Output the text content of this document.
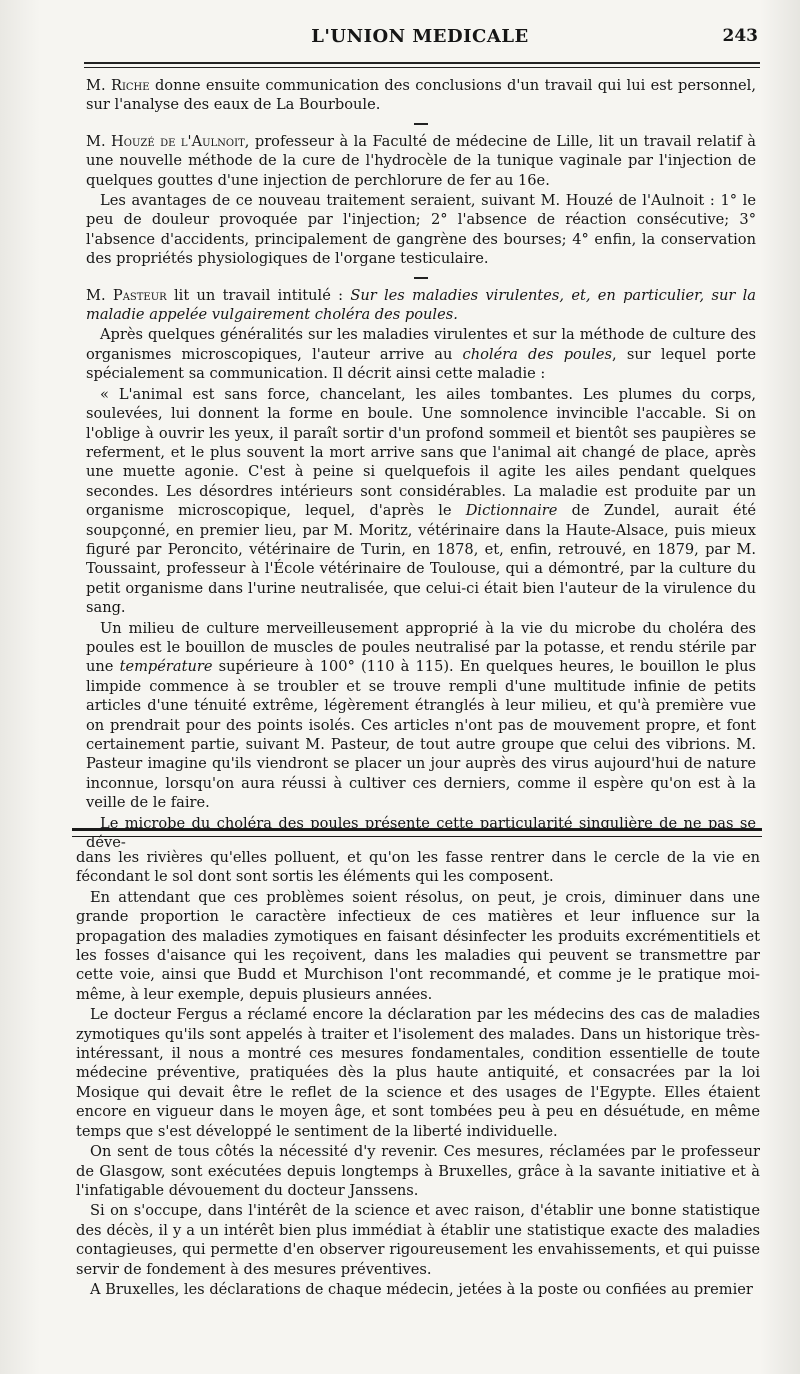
L'UNION MEDICALE	243

M. Riche donne ensuite communication des conclusions d'un travail qui lui est personnel, sur l'analyse des eaux de La Bourboule.

M. Houzé de l'Aulnoit, professeur à la Faculté de médecine de Lille, lit un travail relatif à une nouvelle méthode de la cure de l'hydrocèle de la tunique vaginale par l'injection de quelques gouttes d'une injection de perchlorure de fer au 16e.

Les avantages de ce nouveau traitement seraient, suivant M. Houzé de l'Aulnoit : 1° le peu de douleur provoquée par l'injection; 2° l'absence de réaction consécutive; 3° l'absence d'accidents, principalement de gangrène des bourses; 4° enfin, la conservation des propriétés physiologiques de l'organe testiculaire.

M. Pasteur lit un travail intitulé : Sur les maladies virulentes, et, en particulier, sur la maladie appelée vulgairement choléra des poules.

Après quelques généralités sur les maladies virulentes et sur la méthode de culture des organismes microscopiques, l'auteur arrive au choléra des poules, sur lequel porte spécialement sa communication. Il décrit ainsi cette maladie :

« L'animal est sans force, chancelant, les ailes tombantes. Les plumes du corps, soulevées, lui donnent la forme en boule. Une somnolence invincible l'accable. Si on l'oblige à ouvrir les yeux, il paraît sortir d'un profond sommeil et bientôt ses paupières se referment, et le plus souvent la mort arrive sans que l'animal ait changé de place, après une muette agonie. C'est à peine si quelquefois il agite les ailes pendant quelques secondes. Les désordres intérieurs sont considérables. La maladie est produite par un organisme microscopique, lequel, d'après le Dictionnaire de Zundel, aurait été soupçonné, en premier lieu, par M. Moritz, vétérinaire dans la Haute-Alsace, puis mieux figuré par Peroncito, vétérinaire de Turin, en 1878, et, enfin, retrouvé, en 1879, par M. Toussaint, professeur à l'École vétérinaire de Toulouse, qui a démontré, par la culture du petit organisme dans l'urine neutralisée, que celui-ci était bien l'auteur de la virulence du sang.

Un milieu de culture merveilleusement approprié à la vie du microbe du choléra des poules est le bouillon de muscles de poules neutralisé par la potasse, et rendu stérile par une température supérieure à 100° (110 à 115). En quelques heures, le bouillon le plus limpide commence à se troubler et se trouve rempli d'une multitude infinie de petits articles d'une ténuité extrême, légèrement étranglés à leur milieu, et qu'à première vue on prendrait pour des points isolés. Ces articles n'ont pas de mouvement propre, et font certainement partie, suivant M. Pasteur, de tout autre groupe que celui des vibrions. M. Pasteur imagine qu'ils viendront se placer un jour auprès des virus aujourd'hui de nature inconnue, lorsqu'on aura réussi à cultiver ces derniers, comme il espère qu'on est à la veille de le faire.

Le microbe du choléra des poules présente cette particularité singulière de ne pas se déve-

dans les rivières qu'elles polluent, et qu'on les fasse rentrer dans le cercle de la vie en fécondant le sol dont sont sortis les éléments qui les composent.

En attendant que ces problèmes soient résolus, on peut, je crois, diminuer dans une grande proportion le caractère infectieux de ces matières et leur influence sur la propagation des maladies zymotiques en faisant désinfecter les produits excrémentitiels et les fosses d'aisance qui les reçoivent, dans les maladies qui peuvent se transmettre par cette voie, ainsi que Budd et Murchison l'ont recommandé, et comme je le pratique moi-même, à leur exemple, depuis plusieurs années.

Le docteur Fergus a réclamé encore la déclaration par les médecins des cas de maladies zymotiques qu'ils sont appelés à traiter et l'isolement des malades. Dans un historique très-intéressant, il nous a montré ces mesures fondamentales, condition essentielle de toute médecine préventive, pratiquées dès la plus haute antiquité, et consacrées par la loi Mosique qui devait être le reflet de la science et des usages de l'Egypte. Elles étaient encore en vigueur dans le moyen âge, et sont tombées peu à peu en désuétude, en même temps que s'est développé le sentiment de la liberté individuelle.

On sent de tous côtés la nécessité d'y revenir. Ces mesures, réclamées par le professeur de Glasgow, sont exécutées depuis longtemps à Bruxelles, grâce à la savante initiative et à l'infatigable dévouement du docteur Janssens.

Si on s'occupe, dans l'intérêt de la science et avec raison, d'établir une bonne statistique des décès, il y a un intérêt bien plus immédiat à établir une statistique exacte des maladies contagieuses, qui permette d'en observer rigoureusement les envahissements, et qui puisse servir de fondement à des mesures préventives.

A Bruxelles, les déclarations de chaque médecin, jetées à la poste ou confiées au premier
